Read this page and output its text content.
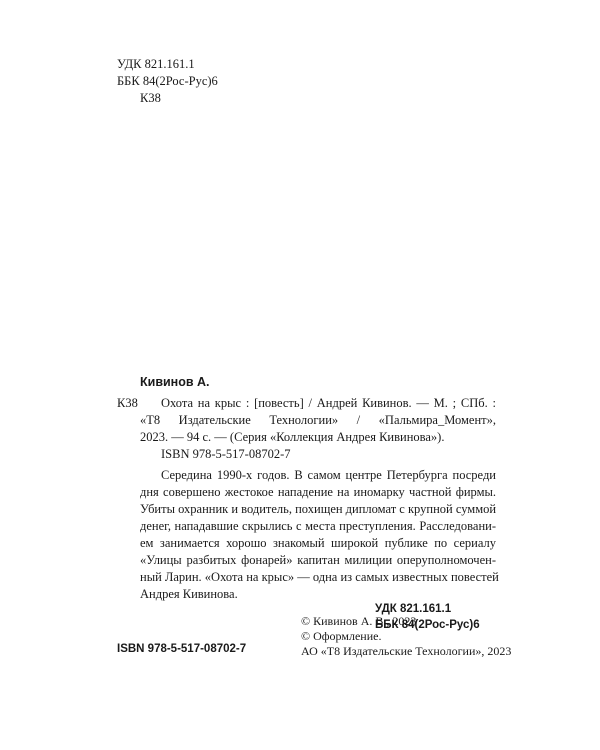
УДК 821.161.1
ББК 84(2Рос-Рус)6
К38
Кивинов А.
К38 Охота на крыс : [повесть] / Андрей Кивинов. — М. ; СПб. :
«Т8 Издательские Технологии» / «Пальмира_Момент»,
2023. — 94 с. — (Серия «Коллекция Андрея Кивинова»).
ISBN 978-5-517-08702-7
Середина 1990-х годов. В самом центре Петербурга посреди
дня совершено жестокое нападение на иномарку частной фирмы.
Убиты охранник и водитель, похищен дипломат с крупной суммой
денег, нападавшие скрылись с места преступления. Расследовани-
ем занимается хорошо знакомый широкой публике по сериалу
«Улицы разбитых фонарей» капитан милиции оперуполномочен-
ный Ларин. «Охота на крыс» — одна из самых известных повестей
Андрея Кивинова.
УДК 821.161.1
ББК 84(2Рос-Рус)6
ISBN 978-5-517-08702-7
© Кивинов А. В., 2023
© Оформление.
АО «Т8 Издательские Технологии», 2023
